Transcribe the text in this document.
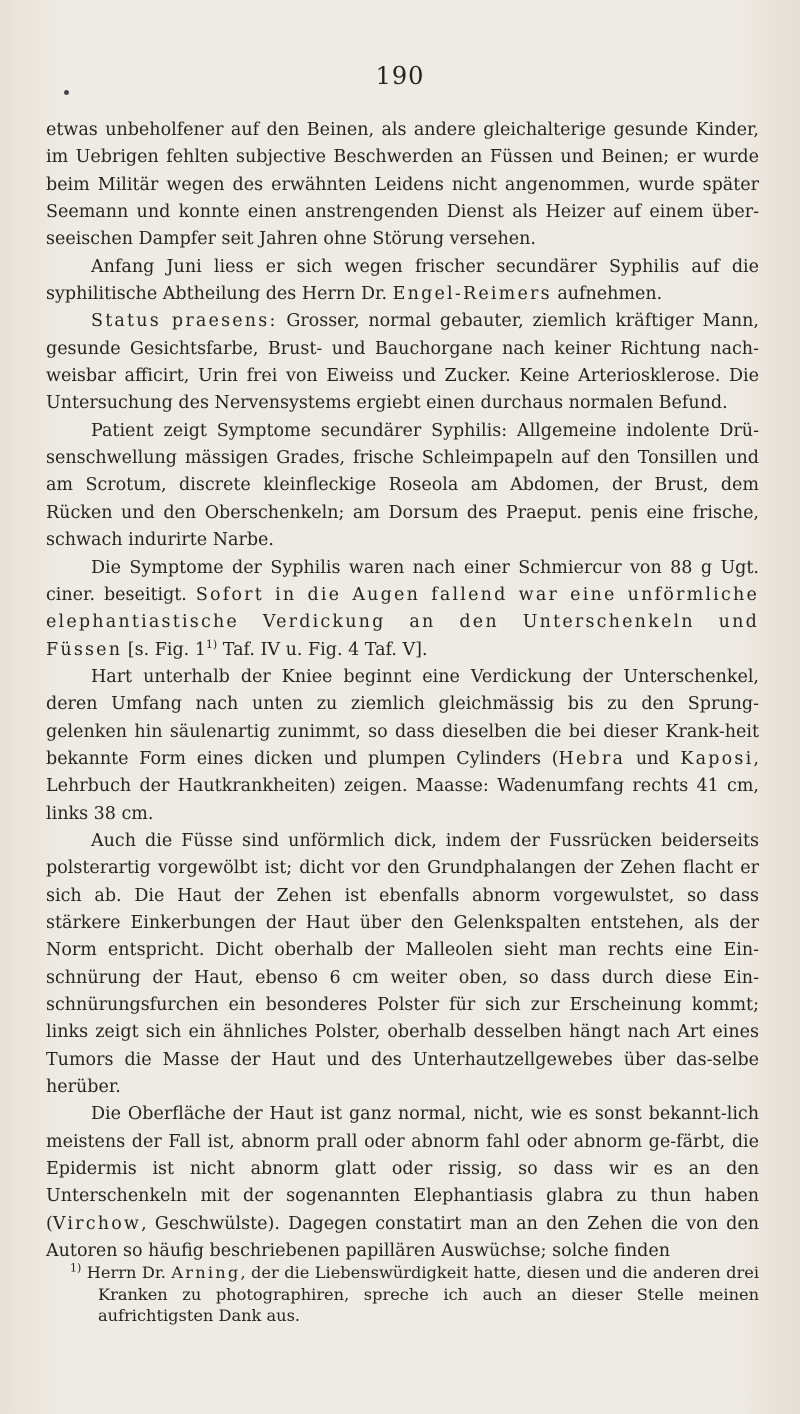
190

etwas unbeholfener auf den Beinen, als andere gleichalterige gesunde Kinder, im Uebrigen fehlten subjective Beschwerden an Füssen und Beinen; er wurde beim Militär wegen des erwähnten Leidens nicht angenommen, wurde später Seemann und konnte einen anstrengenden Dienst als Heizer auf einem über-seeischen Dampfer seit Jahren ohne Störung versehen.

Anfang Juni liess er sich wegen frischer secundärer Syphilis auf die syphilitische Abtheilung des Herrn Dr. Engel-Reimers aufnehmen.

Status praesens: Grosser, normal gebauter, ziemlich kräftiger Mann, gesunde Gesichtsfarbe, Brust- und Bauchorgane nach keiner Richtung nach-weisbar afficirt, Urin frei von Eiweiss und Zucker. Keine Arteriosklerose. Die Untersuchung des Nervensystems ergiebt einen durchaus normalen Befund.

Patient zeigt Symptome secundärer Syphilis: Allgemeine indolente Drü-senschwellung mässigen Grades, frische Schleimpapeln auf den Tonsillen und am Scrotum, discrete kleinfleckige Roseola am Abdomen, der Brust, dem Rücken und den Oberschenkeln; am Dorsum des Praeput. penis eine frische, schwach indurirte Narbe.

Die Symptome der Syphilis waren nach einer Schmiercur von 88 g Ugt. ciner. beseitigt. Sofort in die Augen fallend war eine unförmliche elephantiastische Verdickung an den Unterschenkeln und Füssen [s. Fig. 1$^{1)}$ Taf. IV u. Fig. 4 Taf. V].

Hart unterhalb der Kniee beginnt eine Verdickung der Unterschenkel, deren Umfang nach unten zu ziemlich gleichmässig bis zu den Sprung-gelenken hin säulenartig zunimmt, so dass dieselben die bei dieser Krank-heit bekannte Form eines dicken und plumpen Cylinders (Hebra und Kaposi, Lehrbuch der Hautkrankheiten) zeigen. Maasse: Wadenumfang rechts 41 cm, links 38 cm.

Auch die Füsse sind unförmlich dick, indem der Fussrücken beiderseits polsterartig vorgewölbt ist; dicht vor den Grundphalangen der Zehen flacht er sich ab. Die Haut der Zehen ist ebenfalls abnorm vorgewulstet, so dass stärkere Einkerbungen der Haut über den Gelenkspalten entstehen, als der Norm entspricht. Dicht oberhalb der Malleolen sieht man rechts eine Ein-schnürung der Haut, ebenso 6 cm weiter oben, so dass durch diese Ein-schnürungsfurchen ein besonderes Polster für sich zur Erscheinung kommt; links zeigt sich ein ähnliches Polster, oberhalb desselben hängt nach Art eines Tumors die Masse der Haut und des Unterhautzellgewebes über das-selbe herüber.

Die Oberfläche der Haut ist ganz normal, nicht, wie es sonst bekannt-lich meistens der Fall ist, abnorm prall oder abnorm fahl oder abnorm ge-färbt, die Epidermis ist nicht abnorm glatt oder rissig, so dass wir es an den Unterschenkeln mit der sogenannten Elephantiasis glabra zu thun haben (Virchow, Geschwülste). Dagegen constatirt man an den Zehen die von den Autoren so häufig beschriebenen papillären Auswüchse; solche finden

$^{1)}$ Herrn Dr. Arning, der die Liebenswürdigkeit hatte, diesen und die anderen drei Kranken zu photographiren, spreche ich auch an dieser Stelle meinen aufrichtigsten Dank aus.
